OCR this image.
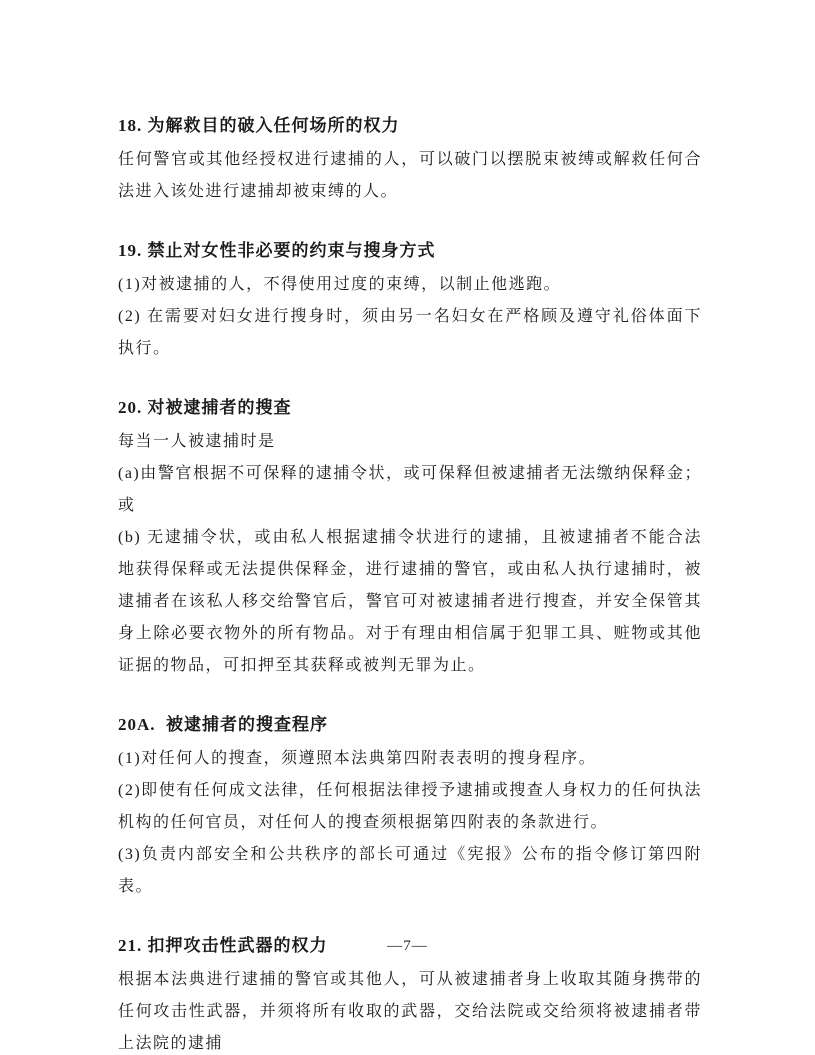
18. 为解救目的破入任何场所的权力

任何警官或其他经授权进行逮捕的人，可以破门以摆脱束被缚或解救任何合法进入该处进行逮捕却被束缚的人。

19. 禁止对女性非必要的约束与搜身方式

(1)对被逮捕的人，不得使用过度的束缚，以制止他逃跑。

(2) 在需要对妇女进行搜身时，须由另一名妇女在严格顾及遵守礼俗体面下执行。

20. 对被逮捕者的搜查

每当一人被逮捕时是

(a)由警官根据不可保释的逮捕令状，或可保释但被逮捕者无法缴纳保释金；  或

(b) 无逮捕令状，或由私人根据逮捕令状进行的逮捕，且被逮捕者不能合法地获得保释或无法提供保释金，进行逮捕的警官，或由私人执行逮捕时，被逮捕者在该私人移交给警官后，警官可对被逮捕者进行搜查，并安全保管其身上除必要衣物外的所有物品。对于有理由相信属于犯罪工具、赃物或其他证据的物品，可扣押至其获释或被判无罪为止。

20A.  被逮捕者的搜查程序

(1)对任何人的搜查，须遵照本法典第四附表表明的搜身程序。

(2)即使有任何成文法律，任何根据法律授予逮捕或搜查人身权力的任何执法机构的任何官员，对任何人的搜查须根据第四附表的条款进行。

(3)负责内部安全和公共秩序的部长可通过《宪报》公布的指令修订第四附表。

21. 扣押攻击性武器的权力

根据本法典进行逮捕的警官或其他人，可从被逮捕者身上收取其随身携带的任何攻击性武器，并须将所有收取的武器，交给法院或交给须将被逮捕者带上法院的逮捕

—7—
